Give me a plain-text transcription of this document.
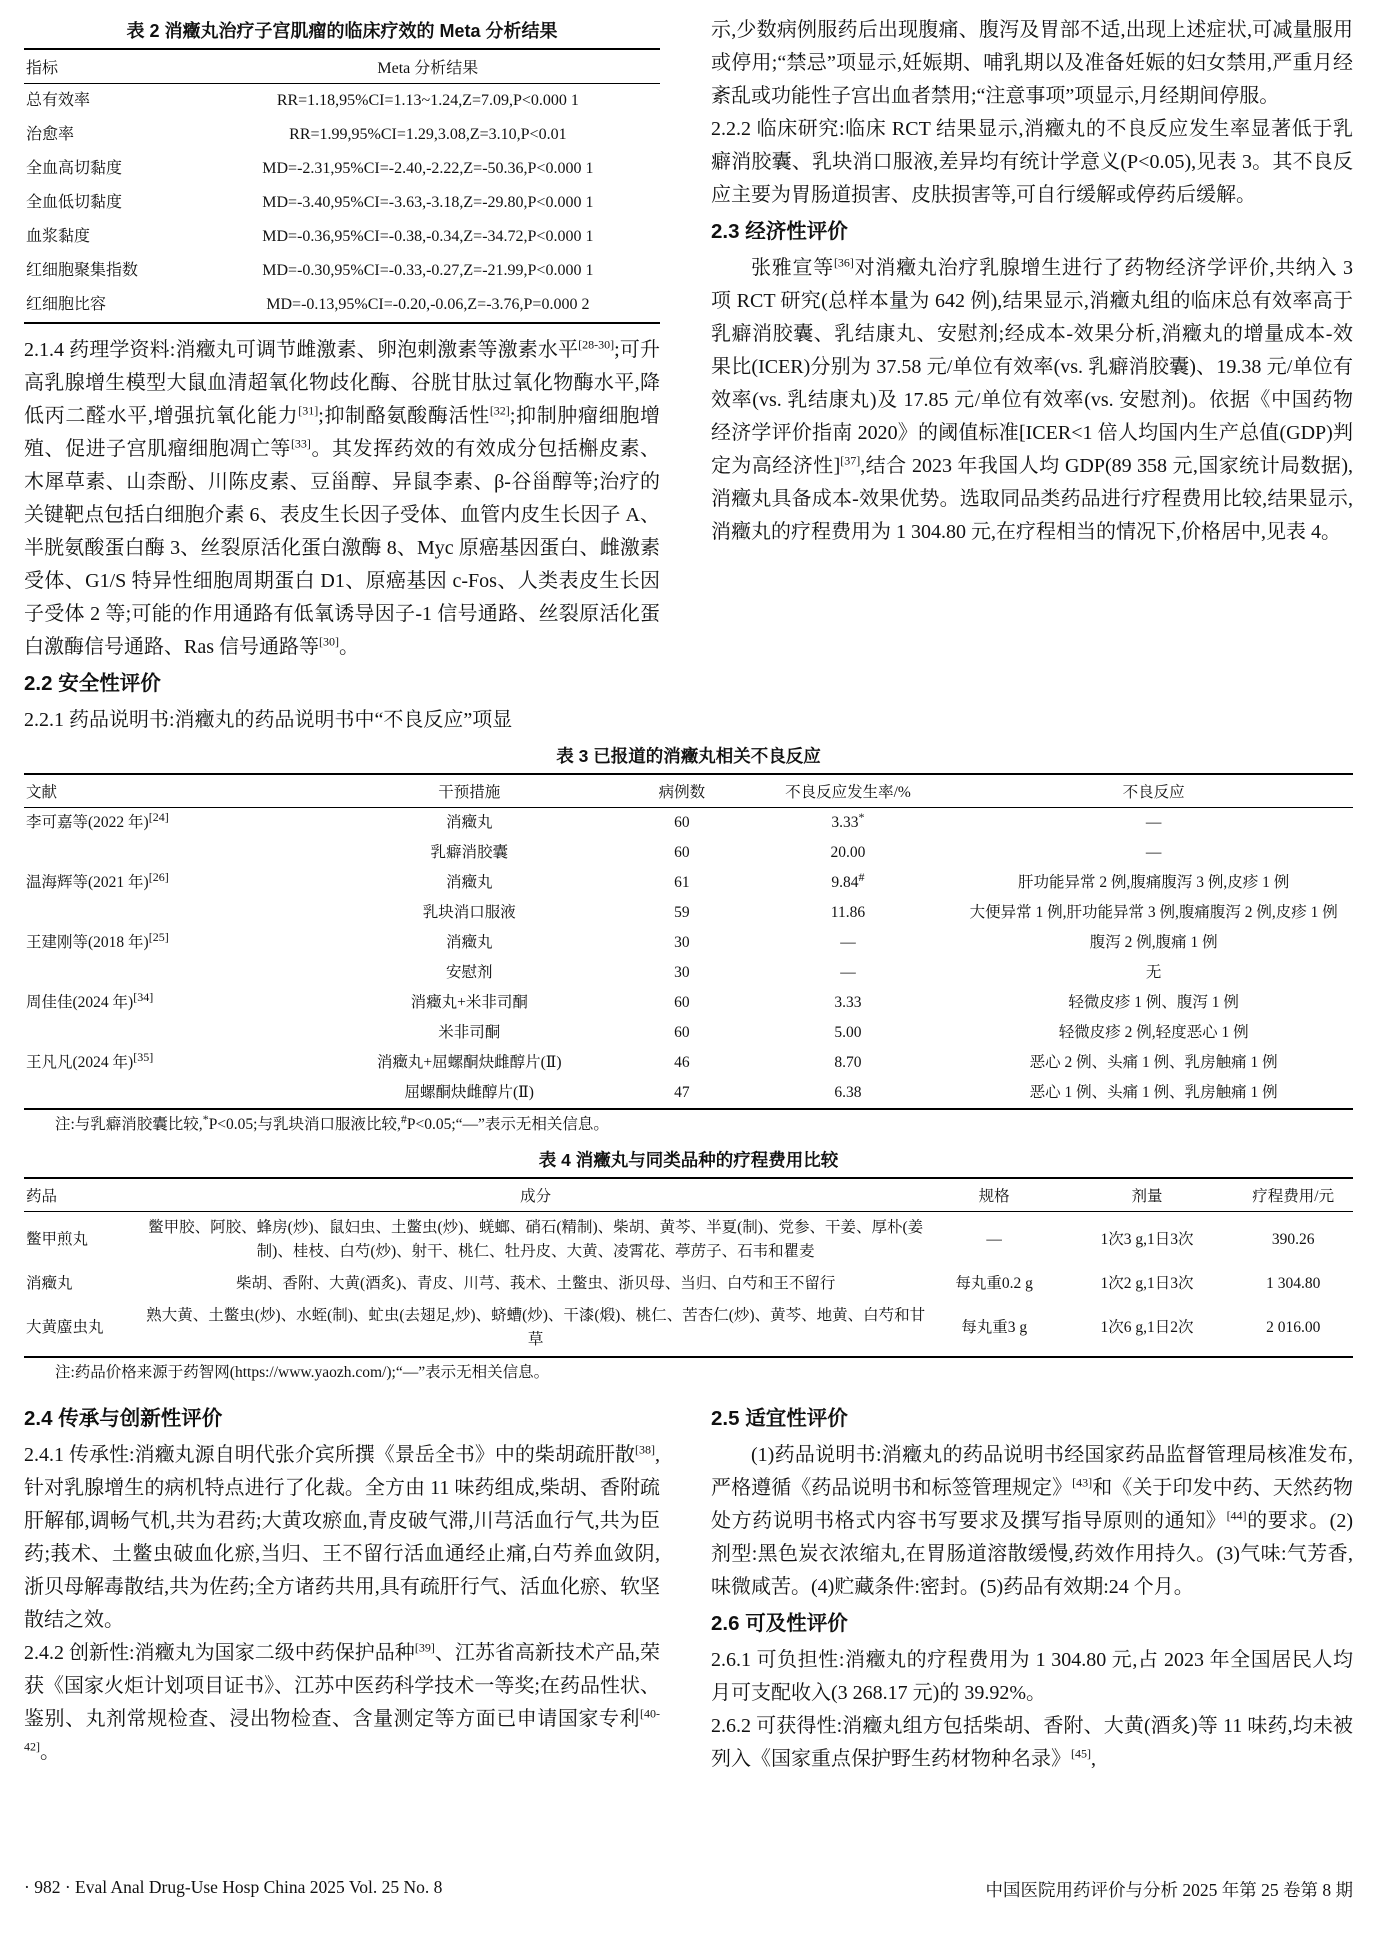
表 2 消癥丸治疗子宫肌瘤的临床疗效的 Meta 分析结果
指标	Meta 分析结果
总有效率	RR=1.18,95%CI=1.13~1.24,Z=7.09,P<0.000 1
治愈率	RR=1.99,95%CI=1.29,3.08,Z=3.10,P<0.01
全血高切黏度	MD=-2.31,95%CI=-2.40,-2.22,Z=-50.36,P<0.000 1
全血低切黏度	MD=-3.40,95%CI=-3.63,-3.18,Z=-29.80,P<0.000 1
血浆黏度	MD=-0.36,95%CI=-0.38,-0.34,Z=-34.72,P<0.000 1
红细胞聚集指数	MD=-0.30,95%CI=-0.33,-0.27,Z=-21.99,P<0.000 1
红细胞比容	MD=-0.13,95%CI=-0.20,-0.06,Z=-3.76,P=0.000 2

2.1.4 药理学资料:消癥丸可调节雌激素、卵泡刺激素等激素水平[28-30];可升高乳腺增生模型大鼠血清超氧化物歧化酶、谷胱甘肽过氧化物酶水平,降低丙二醛水平,增强抗氧化能力[31];抑制酪氨酸酶活性[32];抑制肿瘤细胞增殖、促进子宫肌瘤细胞凋亡等[33]。其发挥药效的有效成分包括槲皮素、木犀草素、山柰酚、川陈皮素、豆甾醇、异鼠李素、β-谷甾醇等;治疗的关键靶点包括白细胞介素 6、表皮生长因子受体、血管内皮生长因子 A、半胱氨酸蛋白酶 3、丝裂原活化蛋白激酶 8、Myc 原癌基因蛋白、雌激素受体、G1/S 特异性细胞周期蛋白 D1、原癌基因 c-Fos、人类表皮生长因子受体 2 等;可能的作用通路有低氧诱导因子-1 信号通路、丝裂原活化蛋白激酶信号通路、Ras 信号通路等[30]。

2.2 安全性评价

2.2.1 药品说明书:消癥丸的药品说明书中“不良反应”项显

示,少数病例服药后出现腹痛、腹泻及胃部不适,出现上述症状,可减量服用或停用;“禁忌”项显示,妊娠期、哺乳期以及准备妊娠的妇女禁用,严重月经紊乱或功能性子宫出血者禁用;“注意事项”项显示,月经期间停服。

2.2.2 临床研究:临床 RCT 结果显示,消癥丸的不良反应发生率显著低于乳癖消胶囊、乳块消口服液,差异均有统计学意义(P<0.05),见表 3。其不良反应主要为胃肠道损害、皮肤损害等,可自行缓解或停药后缓解。

2.3 经济性评价

张雅宣等[36]对消癥丸治疗乳腺增生进行了药物经济学评价,共纳入 3 项 RCT 研究(总样本量为 642 例),结果显示,消癥丸组的临床总有效率高于乳癖消胶囊、乳结康丸、安慰剂;经成本-效果分析,消癥丸的增量成本-效果比(ICER)分别为 37.58 元/单位有效率(vs. 乳癖消胶囊)、19.38 元/单位有效率(vs. 乳结康丸)及 17.85 元/单位有效率(vs. 安慰剂)。依据《中国药物经济学评价指南 2020》的阈值标准[ICER<1 倍人均国内生产总值(GDP)判定为高经济性][37],结合 2023 年我国人均 GDP(89 358 元,国家统计局数据),消癥丸具备成本-效果优势。选取同品类药品进行疗程费用比较,结果显示,消癥丸的疗程费用为 1 304.80 元,在疗程相当的情况下,价格居中,见表 4。

表 3 已报道的消癥丸相关不良反应
文献	干预措施	病例数	不良反应发生率/%	不良反应
李可嘉等(2022 年)[24]	消癥丸	60	3.33*	—
	乳癖消胶囊	60	20.00	—
温海辉等(2021 年)[26]	消癥丸	61	9.84#	肝功能异常 2 例,腹痛腹泻 3 例,皮疹 1 例
	乳块消口服液	59	11.86	大便异常 1 例,肝功能异常 3 例,腹痛腹泻 2 例,皮疹 1 例
王建刚等(2018 年)[25]	消癥丸	30	—	腹泻 2 例,腹痛 1 例
	安慰剂	30	—	无
周佳佳(2024 年)[34]	消癥丸+米非司酮	60	3.33	轻微皮疹 1 例、腹泻 1 例
	米非司酮	60	5.00	轻微皮疹 2 例,轻度恶心 1 例
王凡凡(2024 年)[35]	消癥丸+屈螺酮炔雌醇片(Ⅱ)	46	8.70	恶心 2 例、头痛 1 例、乳房触痛 1 例
	屈螺酮炔雌醇片(Ⅱ)	47	6.38	恶心 1 例、头痛 1 例、乳房触痛 1 例

注:与乳癖消胶囊比较,*P<0.05;与乳块消口服液比较,#P<0.05;“—”表示无相关信息。

表 4 消癥丸与同类品种的疗程费用比较
药品	成分	规格	剂量	疗程费用/元
鳖甲煎丸	鳖甲胶、阿胶、蜂房(炒)、鼠妇虫、土鳖虫(炒)、蜣螂、硝石(精制)、柴胡、黄芩、半夏(制)、党参、干姜、厚朴(姜制)、桂枝、白芍(炒)、射干、桃仁、牡丹皮、大黄、凌霄花、葶苈子、石韦和瞿麦	—	1次3 g,1日3次	390.26
消癥丸	柴胡、香附、大黄(酒炙)、青皮、川芎、莪术、土鳖虫、浙贝母、当归、白芍和王不留行	每丸重0.2 g	1次2 g,1日3次	1 304.80
大黄䗪虫丸	熟大黄、土鳖虫(炒)、水蛭(制)、虻虫(去翅足,炒)、蛴螬(炒)、干漆(煅)、桃仁、苦杏仁(炒)、黄芩、地黄、白芍和甘草	每丸重3 g	1次6 g,1日2次	2 016.00

注:药品价格来源于药智网(https://www.yaozh.com/);“—”表示无相关信息。

2.4 传承与创新性评价

2.4.1 传承性:消癥丸源自明代张介宾所撰《景岳全书》中的柴胡疏肝散[38],针对乳腺增生的病机特点进行了化裁。全方由 11 味药组成,柴胡、香附疏肝解郁,调畅气机,共为君药;大黄攻瘀血,青皮破气滞,川芎活血行气,共为臣药;莪术、土鳖虫破血化瘀,当归、王不留行活血通经止痛,白芍养血敛阴,浙贝母解毒散结,共为佐药;全方诸药共用,具有疏肝行气、活血化瘀、软坚散结之效。

2.4.2 创新性:消癥丸为国家二级中药保护品种[39]、江苏省高新技术产品,荣获《国家火炬计划项目证书》、江苏中医药科学技术一等奖;在药品性状、鉴别、丸剂常规检查、浸出物检查、含量测定等方面已申请国家专利[40-42]。

2.5 适宜性评价

(1)药品说明书:消癥丸的药品说明书经国家药品监督管理局核准发布,严格遵循《药品说明书和标签管理规定》[43]和《关于印发中药、天然药物处方药说明书格式内容书写要求及撰写指导原则的通知》[44]的要求。(2)剂型:黑色炭衣浓缩丸,在胃肠道溶散缓慢,药效作用持久。(3)气味:气芳香,味微咸苦。(4)贮藏条件:密封。(5)药品有效期:24 个月。

2.6 可及性评价

2.6.1 可负担性:消癥丸的疗程费用为 1 304.80 元,占 2023 年全国居民人均月可支配收入(3 268.17 元)的 39.92%。

2.6.2 可获得性:消癥丸组方包括柴胡、香附、大黄(酒炙)等 11 味药,均未被列入《国家重点保护野生药材物种名录》[45],

· 982 · Eval Anal Drug-Use Hosp China 2025 Vol. 25 No. 8	中国医院用药评价与分析 2025 年第 25 卷第 8 期
